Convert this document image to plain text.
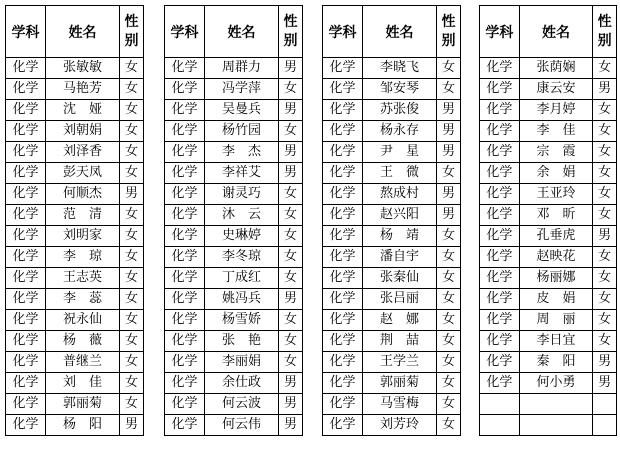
学科	姓名	性
别
化学	张敏敏	女
化学	马艳芳	女
化学	沈　娅	女
化学	刘朝娟	女
化学	刘泽香	女
化学	彭天凤	女
化学	何顺杰	男
化学	范　清	女
化学	刘明家	女
化学	李　琼	女
化学	王志英	女
化学	李　蕊	女
化学	祝永仙	女
化学	杨　薇	女
化学	普继兰	女
化学	刘　佳	女
化学	郭丽菊	女
化学	杨　阳	男
学科	姓名	性
别
化学	周群力	男
化学	冯学萍	女
化学	吴曼兵	男
化学	杨竹园	女
化学	李　杰	男
化学	李祥艾	男
化学	谢灵巧	女
化学	沐　云	女
化学	史琳婷	女
化学	李冬琼	女
化学	丁成红	女
化学	姚冯兵	男
化学	杨雪娇	女
化学	张　艳	女
化学	李丽娟	女
化学	余仕政	男
化学	何云波	男
化学	何云伟	男
学科	姓名	性
别
化学	李晓飞	女
化学	邹安琴	女
化学	苏张俊	男
化学	杨永存	男
化学	尹　星	男
化学	王　微	女
化学	熬成村	男
化学	赵兴阳	男
化学	杨　靖	女
化学	潘自宇	女
化学	张秦仙	女
化学	张吕丽	女
化学	赵　娜	女
化学	荆　喆	女
化学	王学兰	女
化学	郭丽菊	女
化学	马雪梅	女
化学	刘芳玲	女
学科	姓名	性
别
化学	张荫娴	女
化学	康云安	男
化学	李月婷	女
化学	李　佳	女
化学	宗　霞	女
化学	余　娟	女
化学	王亚玲	女
化学	邓　昕	女
化学	孔垂虎	男
化学	赵映花	女
化学	杨丽娜	女
化学	皮　娟	女
化学	周　丽	女
化学	李日宜	女
化学	秦　阳	男
化学	何小勇	男
